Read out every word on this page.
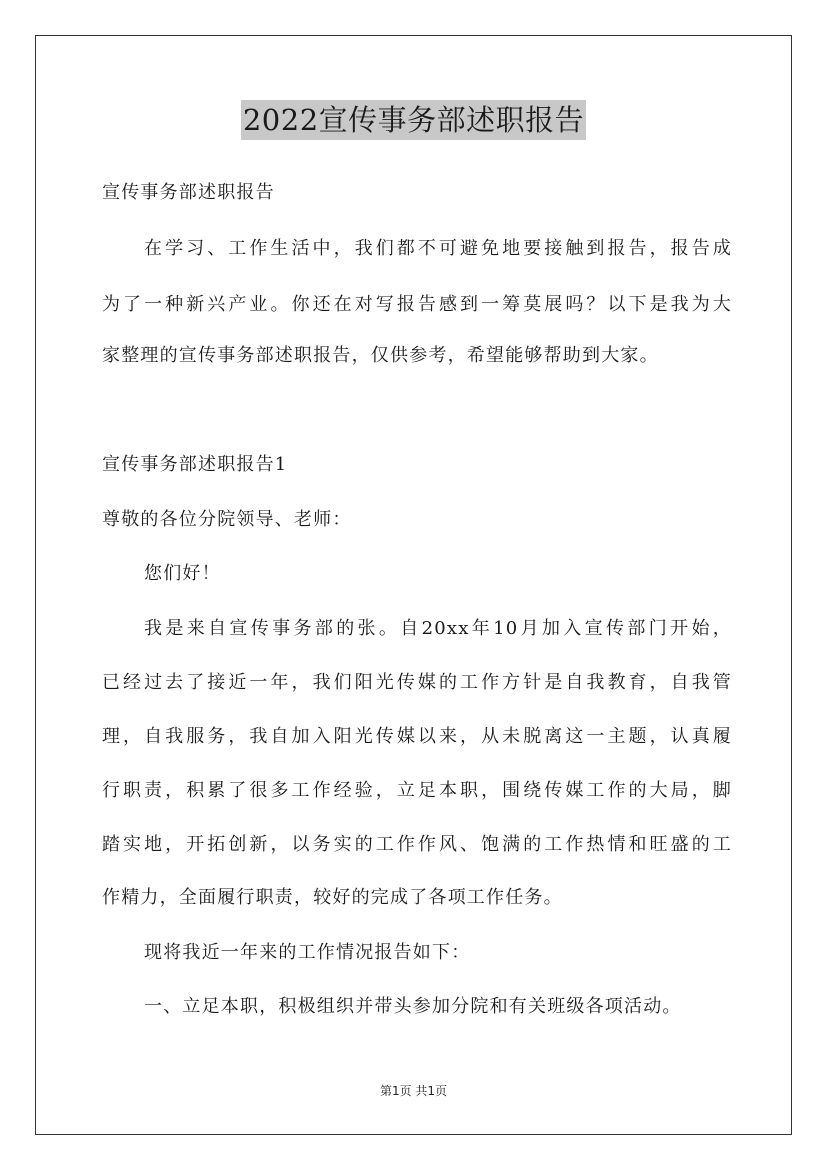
2022宣传事务部述职报告
宣传事务部述职报告
在学习、工作生活中，我们都不可避免地要接触到报告，报告成
为了一种新兴产业。你还在对写报告感到一筹莫展吗？以下是我为大
家整理的宣传事务部述职报告，仅供参考，希望能够帮助到大家。
宣传事务部述职报告1
尊敬的各位分院领导、老师：
您们好！
我是来自宣传事务部的张。自20xx年10月加入宣传部门开始，
已经过去了接近一年，我们阳光传媒的工作方针是自我教育，自我管
理，自我服务，我自加入阳光传媒以来，从未脱离这一主题，认真履
行职责，积累了很多工作经验，立足本职，围绕传媒工作的大局，脚
踏实地，开拓创新，以务实的工作作风、饱满的工作热情和旺盛的工
作精力，全面履行职责，较好的完成了各项工作任务。
现将我近一年来的工作情况报告如下：
一、立足本职，积极组织并带头参加分院和有关班级各项活动。
第1页 共1页
